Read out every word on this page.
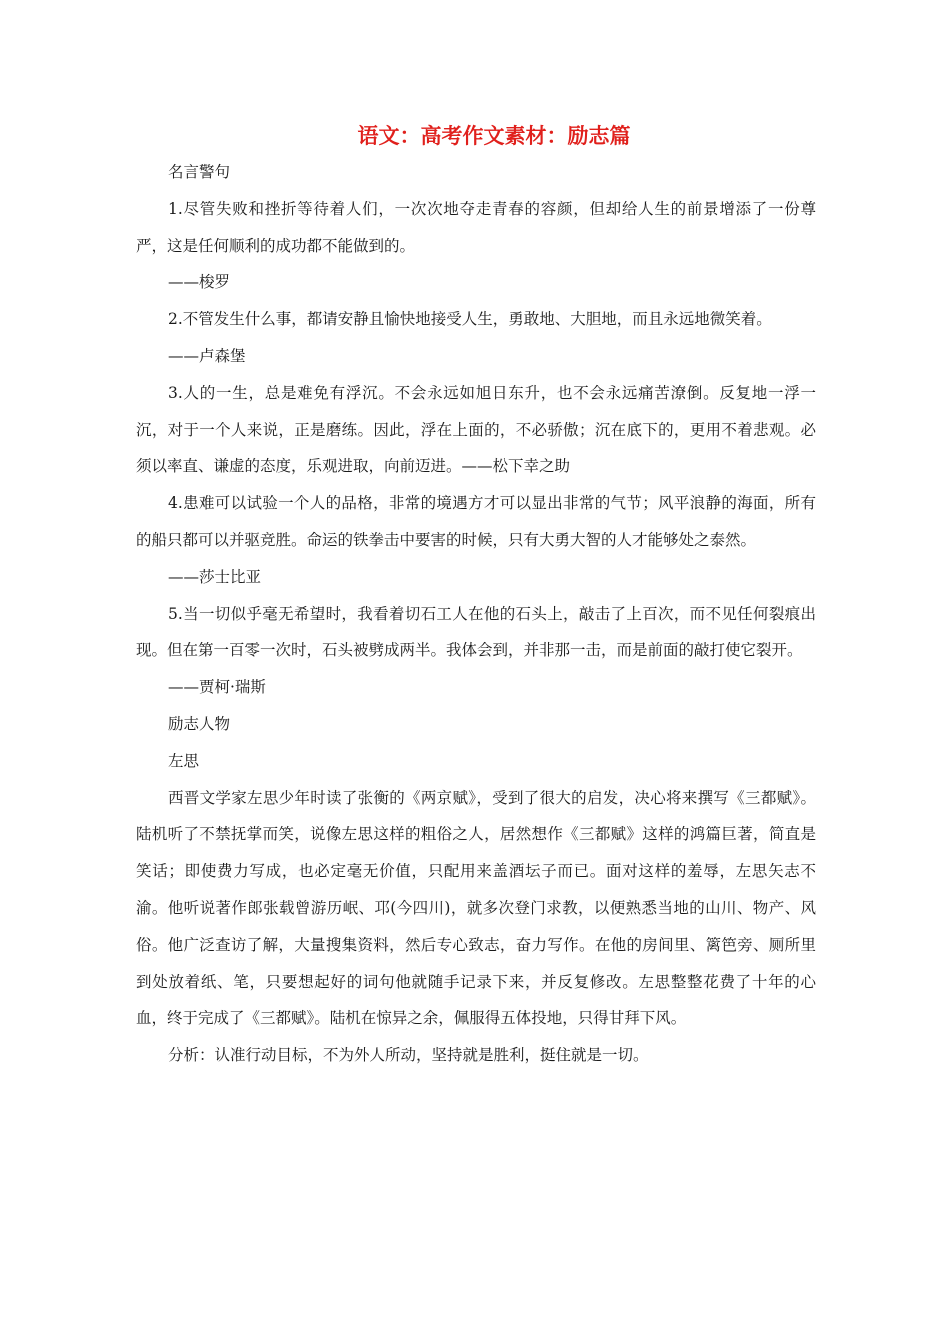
语文：高考作文素材：励志篇

名言警句

1.尽管失败和挫折等待着人们，一次次地夺走青春的容颜，但却给人生的前景增添了一份尊严，这是任何顺利的成功都不能做到的。

——梭罗

2.不管发生什么事，都请安静且愉快地接受人生，勇敢地、大胆地，而且永远地微笑着。

——卢森堡

3.人的一生，总是难免有浮沉。不会永远如旭日东升，也不会永远痛苦潦倒。反复地一浮一沉，对于一个人来说，正是磨练。因此，浮在上面的，不必骄傲；沉在底下的，更用不着悲观。必须以率直、谦虚的态度，乐观进取，向前迈进。——松下幸之助

4.患难可以试验一个人的品格，非常的境遇方才可以显出非常的气节；风平浪静的海面，所有的船只都可以并驱竞胜。命运的铁拳击中要害的时候，只有大勇大智的人才能够处之泰然。

——莎士比亚

5.当一切似乎毫无希望时，我看着切石工人在他的石头上，敲击了上百次，而不见任何裂痕出现。但在第一百零一次时，石头被劈成两半。我体会到，并非那一击，而是前面的敲打使它裂开。

——贾柯·瑞斯

励志人物

左思

西晋文学家左思少年时读了张衡的《两京赋》，受到了很大的启发，决心将来撰写《三都赋》。陆机听了不禁抚掌而笑，说像左思这样的粗俗之人，居然想作《三都赋》这样的鸿篇巨著，简直是笑话；即使费力写成，也必定毫无价值，只配用来盖酒坛子而已。面对这样的羞辱，左思矢志不渝。他听说著作郎张载曾游历岷、邛(今四川)，就多次登门求教，以便熟悉当地的山川、物产、风俗。他广泛查访了解，大量搜集资料，然后专心致志，奋力写作。在他的房间里、篱笆旁、厕所里到处放着纸、笔，只要想起好的词句他就随手记录下来，并反复修改。左思整整花费了十年的心血，终于完成了《三都赋》。陆机在惊异之余，佩服得五体投地，只得甘拜下风。

分析：认准行动目标，不为外人所动，坚持就是胜利，挺住就是一切。
